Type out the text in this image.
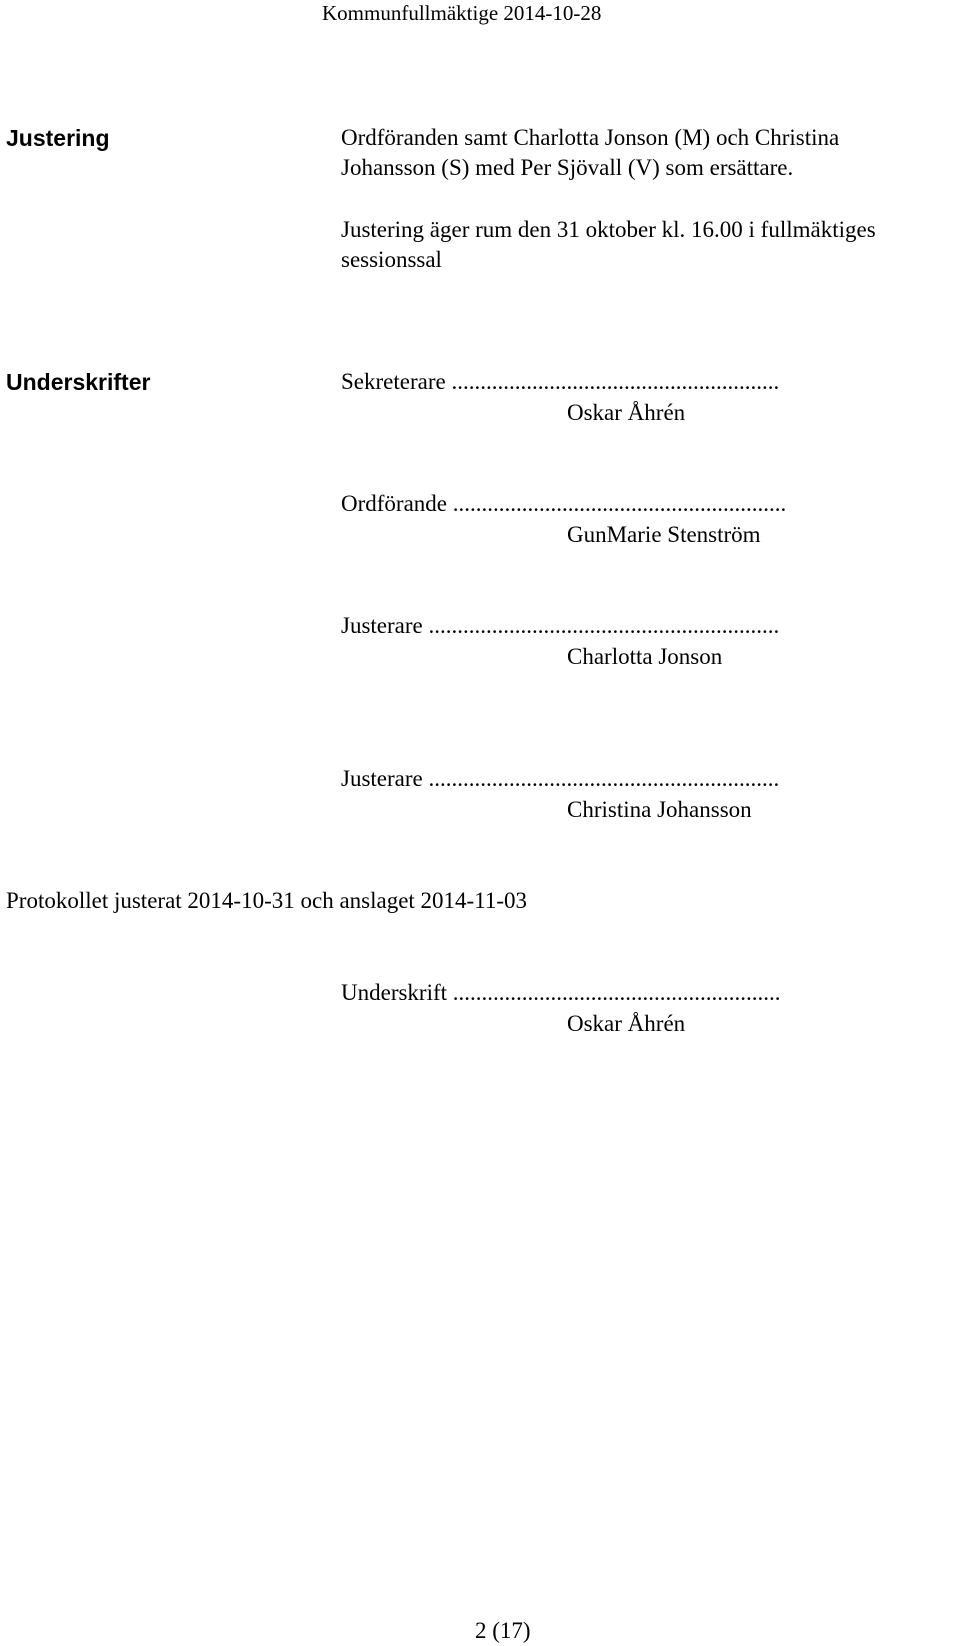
Kommunfullmäktige 2014-10-28
Justering	Ordföranden samt Charlotta Jonson (M) och Christina
Johansson (S) med Per Sjövall (V) som ersättare.
Justering äger rum den 31 oktober kl. 16.00 i fullmäktiges
sessionssal
Underskrifter	Sekreterare .........................................................
Oskar Åhrén
Ordförande ..........................................................
GunMarie Stenström
Justerare .............................................................
Charlotta Jonson
Justerare .............................................................
Christina Johansson
Protokollet justerat 2014-10-31 och anslaget 2014-11-03
Underskrift .........................................................
Oskar Åhrén
2 (17)
